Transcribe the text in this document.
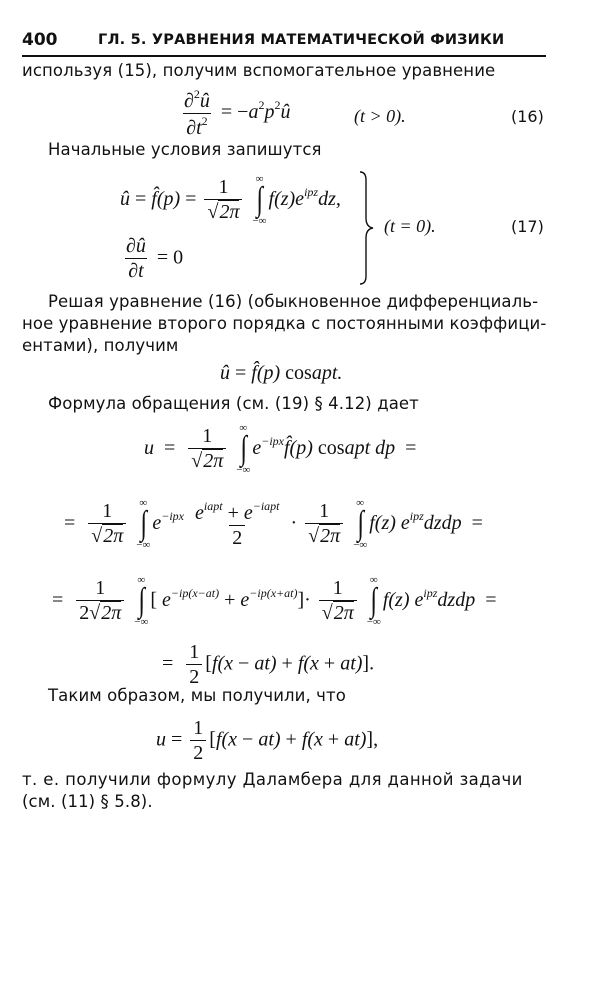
400	ГЛ. 5. УРАВНЕНИЯ МАТЕМАТИЧЕСКОЙ ФИЗИКИ
используя (15), получим вспомогательное уравнение
$\frac{\partial^2û}{\partial t^2}$ = $-a^2p^2û$	(t > 0).	(16)
Начальные условия запишутся
û = f̂(p) = $\frac{1}{√2\pi}$
∞
∫
−∞
$f(z)e^{ipz}dz$,
$\frac{\partial û}{\partial t} = 0$
(t = 0).	(17)
Решая уравнение (16) (обыкновенное дифференциаль-
ное уравнение второго порядка с постоянными коэффици-
ентами), получим
û = f̂(p) cosapt.
Формула обращения (см. (19) § 4.12) дает
$u = \frac{1}{√2\pi}$
∞
∫
−∞
$e^{-ipx}f̂(p)$ cosapt dp  =
= $\frac{1}{√2\pi}$
∞
∫
−∞
$e^{-ipx} \frac{e^{iapt} + e^{-iapt}}{2} \cdot \frac{1}{√2\pi}$
∞
∫
−∞
f(z) $e^{ipz}dzdp$  =
= $\frac{1}{2√2\pi}$
∞
∫
−∞
[ $e^{-ip(x-at)} + e^{-ip(x+at)}]\cdot \frac{1}{√2\pi}$
∞
∫
−∞
f(z) $e^{ipz}dzdp$  =
= $\frac{1}{2} [f(x - at) + f(x + at)]$.
Таким образом, мы получили, что
$u = \frac{1}{2} [f(x - at) + f(x + at)]$,
т. е. получили формулу Даламбера для данной задачи
(см. (11) § 5.8).
